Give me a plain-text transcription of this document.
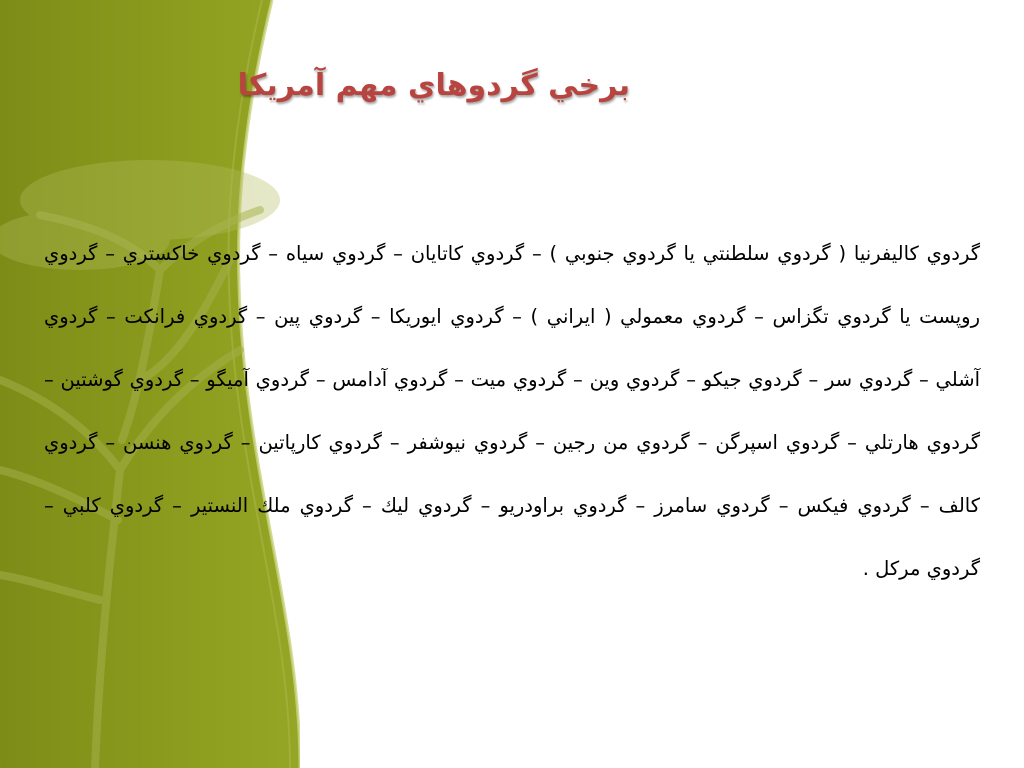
برخي گردوهاي مهم آمريكا

گردوي كاليفرنيا ( گردوي سلطنتي يا گردوي جنوبي ) – گردوي كاتايان – گردوي سياه – گردوي خاكستري – گردوي روپست يا گردوي تگزاس – گردوي معمولي ( ايراني ) – گردوي ايوريكا – گردوي پين – گردوي فرانكت – گردوي آشلي – گردوي سر – گردوي جيكو – گردوي وين – گردوي ميت – گردوي آدامس – گردوي آميگو – گردوي گوشتين – گردوي هارتلي – گردوي اسپرگن – گردوي من رجين – گردوي نيوشفر – گردوي كارپاتين – گردوي هنسن – گردوي كالف – گردوي فيكس – گردوي سامرز – گردوي براودريو – گردوي ليك – گردوي ملك النستير – گردوي كلبي – گردوي مركل .
